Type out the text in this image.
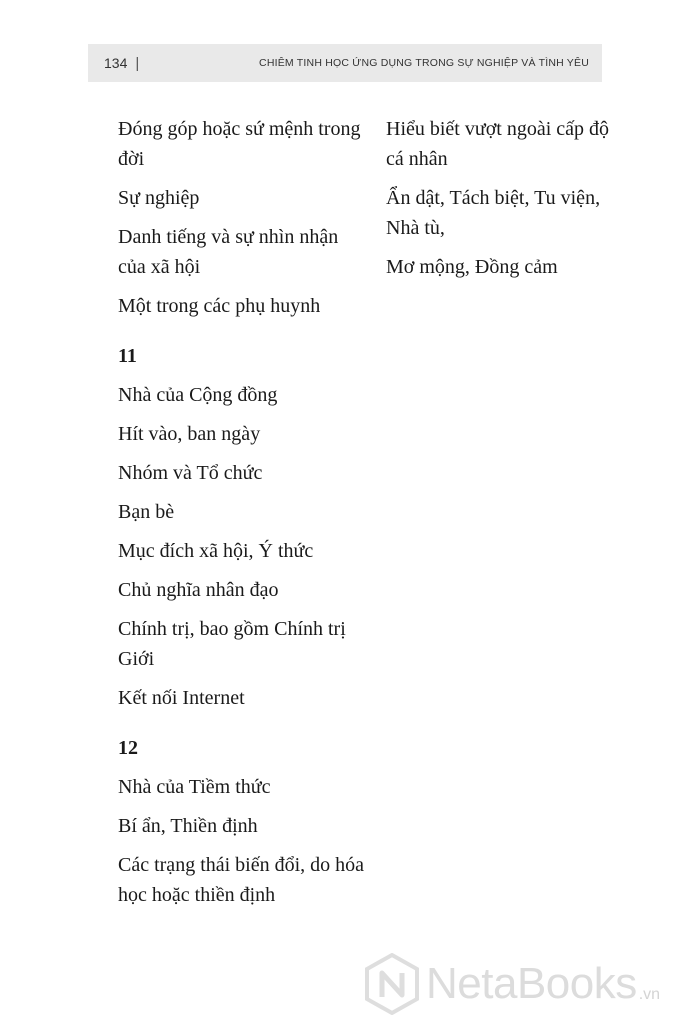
134 |	CHIÊM TINH HỌC ỨNG DỤNG TRONG SỰ NGHIỆP VÀ TÌNH YÊU

Đóng góp hoặc sứ mệnh trong đời

Sự nghiệp

Danh tiếng và sự nhìn nhận của xã hội

Một trong các phụ huynh

11

Nhà của Cộng đồng

Hít vào, ban ngày

Nhóm và Tổ chức

Bạn bè

Mục đích xã hội, Ý thức

Chủ nghĩa nhân đạo

Chính trị, bao gồm Chính trị Giới

Kết nối Internet

12

Nhà của Tiềm thức

Bí ẩn, Thiền định

Các trạng thái biến đổi, do hóa học hoặc thiền định

Hiểu biết vượt ngoài cấp độ cá nhân

Ẩn dật, Tách biệt, Tu viện, Nhà tù,

Mơ mộng, Đồng cảm

NetaBooks .vn
